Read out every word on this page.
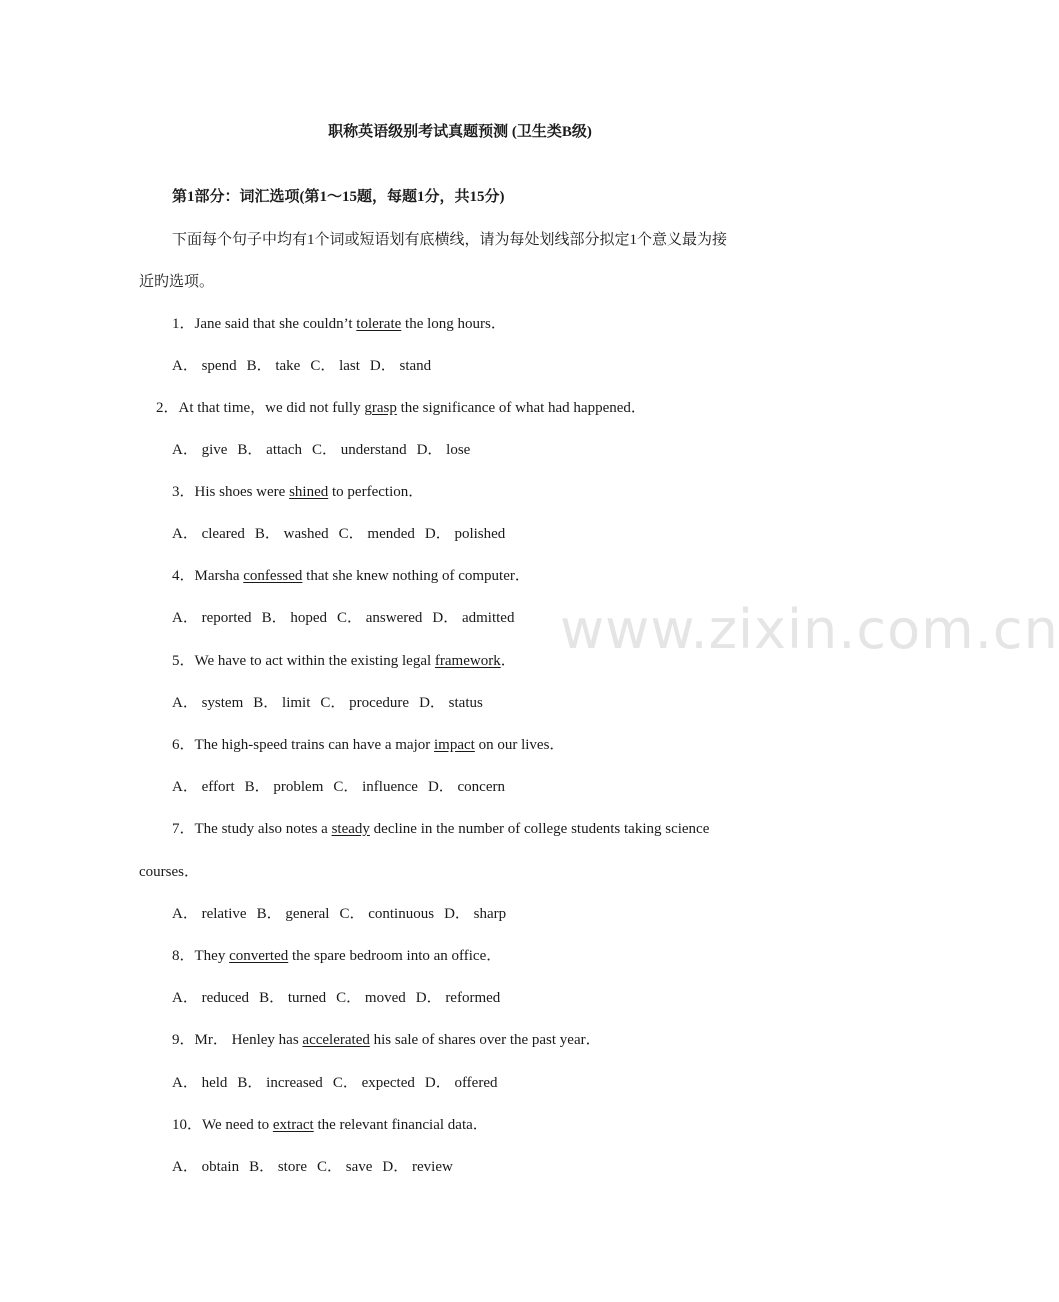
职称英语级别考试真题预测 (卫生类B级)
第1部分：词汇选项(第1～15题，每题1分，共15分)
下面每个句子中均有1个词或短语划有底横线，请为每处划线部分拟定1个意义最为接
近旳选项。
1．Jane said that she couldn’t tolerate the long hours．
A． spend B． take C． last D． stand
2．At that time，we did not fully grasp the significance of what had happened．
A． give B． attach C． understand D． lose
3．His shoes were shined to perfection．
A． cleared B． washed C． mended D． polished
4．Marsha confessed that she knew nothing of computer．
A． reported B． hoped C． answered D． admitted
5．We have to act within the existing legal framework．
A． system B． limit C． procedure D． status
6．The high-speed trains can have a major impact on our lives．
A． effort B． problem C． influence D． concern
7．The study also notes a steady decline in the number of college students taking science
courses．
A． relative B． general C． continuous D． sharp
8．They converted the spare bedroom into an office．
A． reduced B． turned C． moved D． reformed
9．Mr． Henley has accelerated his sale of shares over the past year．
A． held B． increased C． expected D． offered
10．We need to extract the relevant financial data．
A． obtain B． store C． save D． review
www.zixin.com.cn
